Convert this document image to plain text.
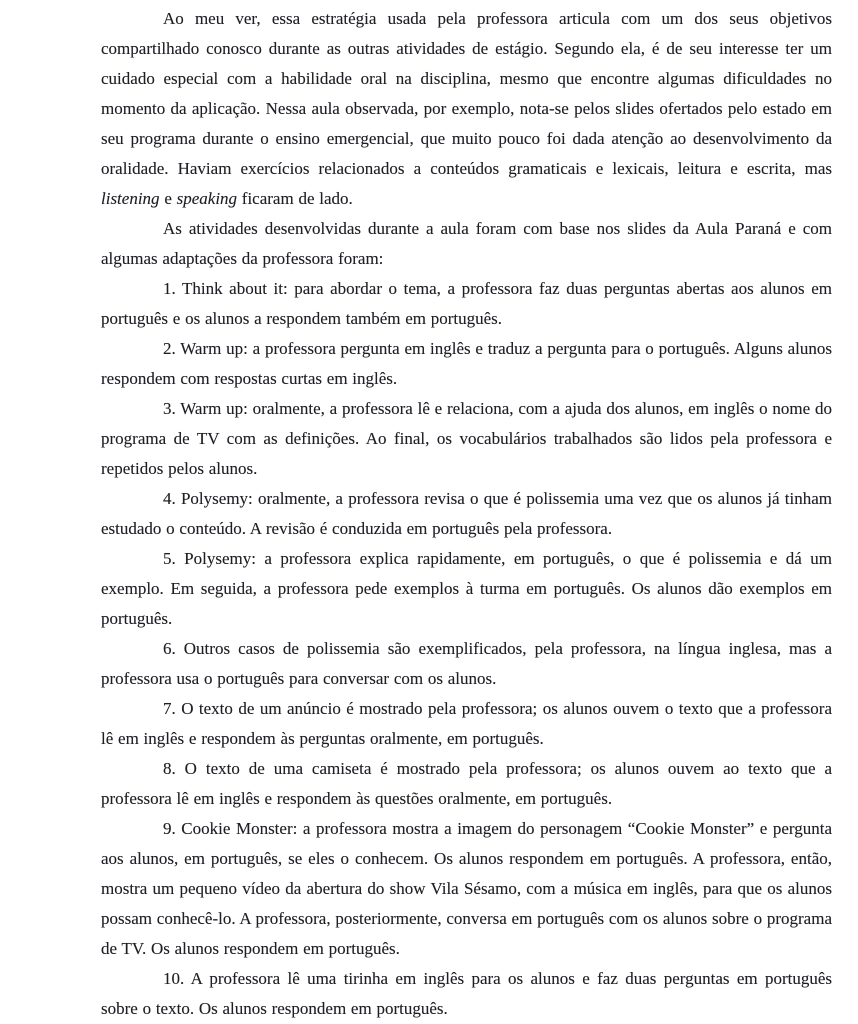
Ao meu ver, essa estratégia usada pela professora articula com um dos seus objetivos compartilhado conosco durante as outras atividades de estágio. Segundo ela, é de seu interesse ter um cuidado especial com a habilidade oral na disciplina, mesmo que encontre algumas dificuldades no momento da aplicação. Nessa aula observada, por exemplo, nota-se pelos slides ofertados pelo estado em seu programa durante o ensino emergencial, que muito pouco foi dada atenção ao desenvolvimento da oralidade. Haviam exercícios relacionados a conteúdos gramaticais e lexicais, leitura e escrita, mas listening e speaking ficaram de lado.

As atividades desenvolvidas durante a aula foram com base nos slides da Aula Paraná e com algumas adaptações da professora foram:

1. Think about it: para abordar o tema, a professora faz duas perguntas abertas aos alunos em português e os alunos a respondem também em português.

2. Warm up: a professora pergunta em inglês e traduz a pergunta para o português. Alguns alunos respondem com respostas curtas em inglês.

3. Warm up: oralmente, a professora lê e relaciona, com a ajuda dos alunos, em inglês o nome do programa de TV com as definições. Ao final, os vocabulários trabalhados são lidos pela professora e repetidos pelos alunos.

4. Polysemy: oralmente, a professora revisa o que é polissemia uma vez que os alunos já tinham estudado o conteúdo. A revisão é conduzida em português pela professora.

5. Polysemy: a professora explica rapidamente, em português, o que é polissemia e dá um exemplo. Em seguida, a professora pede exemplos à turma em português. Os alunos dão exemplos em português.

6. Outros casos de polissemia são exemplificados, pela professora, na língua inglesa, mas a professora usa o português para conversar com os alunos.

7. O texto de um anúncio é mostrado pela professora; os alunos ouvem o texto que a professora lê em inglês e respondem às perguntas oralmente, em português.

8. O texto de uma camiseta é mostrado pela professora; os alunos ouvem ao texto que a professora lê em inglês e respondem às questões oralmente, em português.

9. Cookie Monster: a professora mostra a imagem do personagem “Cookie Monster” e pergunta aos alunos, em português, se eles o conhecem. Os alunos respondem em português. A professora, então, mostra um pequeno vídeo da abertura do show Vila Sésamo, com a música em inglês, para que os alunos possam conhecê-lo. A professora, posteriormente, conversa em português com os alunos sobre o programa de TV. Os alunos respondem em português.

10. A professora lê uma tirinha em inglês para os alunos e faz duas perguntas em português sobre o texto. Os alunos respondem em português.
